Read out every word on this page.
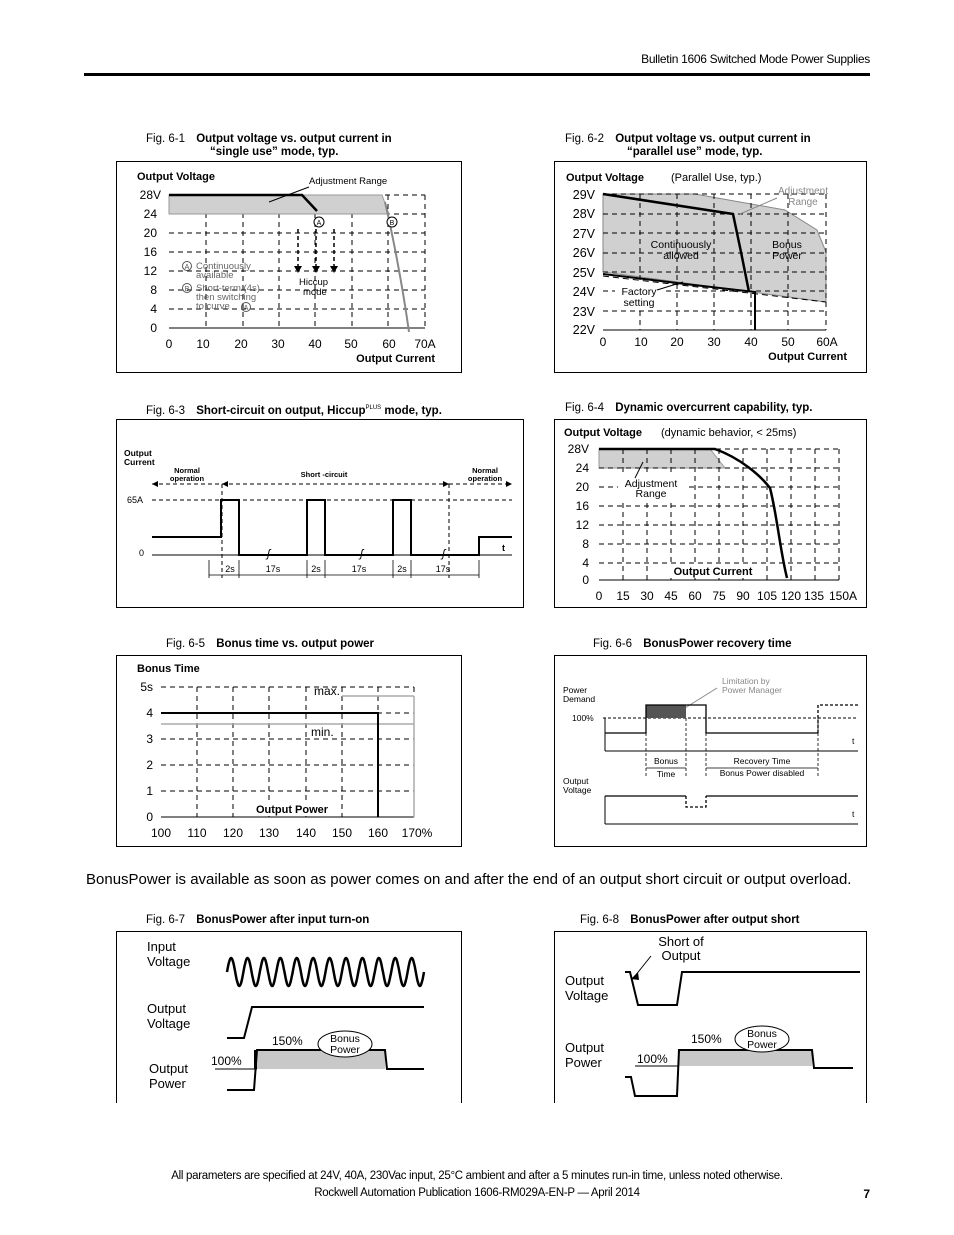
Bulletin 1606 Switched Mode Power Supplies
Fig. 6-1 Output voltage vs. output current in
“single use” mode, typ.
Output Voltage
A	B
Adjustment Range
Hiccup
mode
A Continuously
available
B Short-term (4s)
then switching
to curve A
28V
24
20
16
12
8
4
0
0 10 20 30 40 50 60 70A
Output Current
Fig. 6-2 Output voltage vs. output current in
“parallel use” mode, typ.
Output Voltage (Parallel Use, typ.)
Adjustment
Range
Continuously
allowed
Bonus
Power
Factory
setting
29V
28V
27V
26V
25V
24V
23V
22V
0 10 20 30 40 50 60A
Output Current
Fig. 6-3 Short-circuit on output, Hiccup$^{PLUS}$ mode, typ.
Output
Current
Normal
operation	Short -circuit	Normal
operation
ʃ	ʃ	ʃ
65A
0	t
2s	17s	2s	17s	2s	17s
Fig. 6-4 Dynamic overcurrent capability, typ.
Output Voltage (dynamic behavior, < 25ms)
Adjustment
Range
Output Current
28V
24
20
16
12
8
4
0
0 15 30 45 60 75 90 105 120 135 150A
Fig. 6-5 Bonus time vs. output power
Bonus Time
max.
min.
Output Power
5s
4
3
2
1
0
100 110 120 130 140 150 160 170%
Fig. 6-6 BonusPower recovery time
Power
Demand
100%
Limitation by
Power Manager
t
Bonus
Time
Recovery Time
Bonus Power disabled
Output
Voltage
t
BonusPower is available as soon as power comes on and after the end of an output short circuit or output overload.
Fig. 6-7 BonusPower after input turn-on
Input
Voltage
Output
Voltage
150%
100%
Bonus
Power
Output
Power
Fig. 6-8 BonusPower after output short
Short of
Output
Output
Voltage
150%
100%
Bonus
Power
Output
Power
All parameters are specified at 24V, 40A, 230Vac input, 25°C ambient and after a 5 minutes run-in time, unless noted otherwise.
Rockwell Automation Publication 1606-RM029A-EN-P — April 2014	7
